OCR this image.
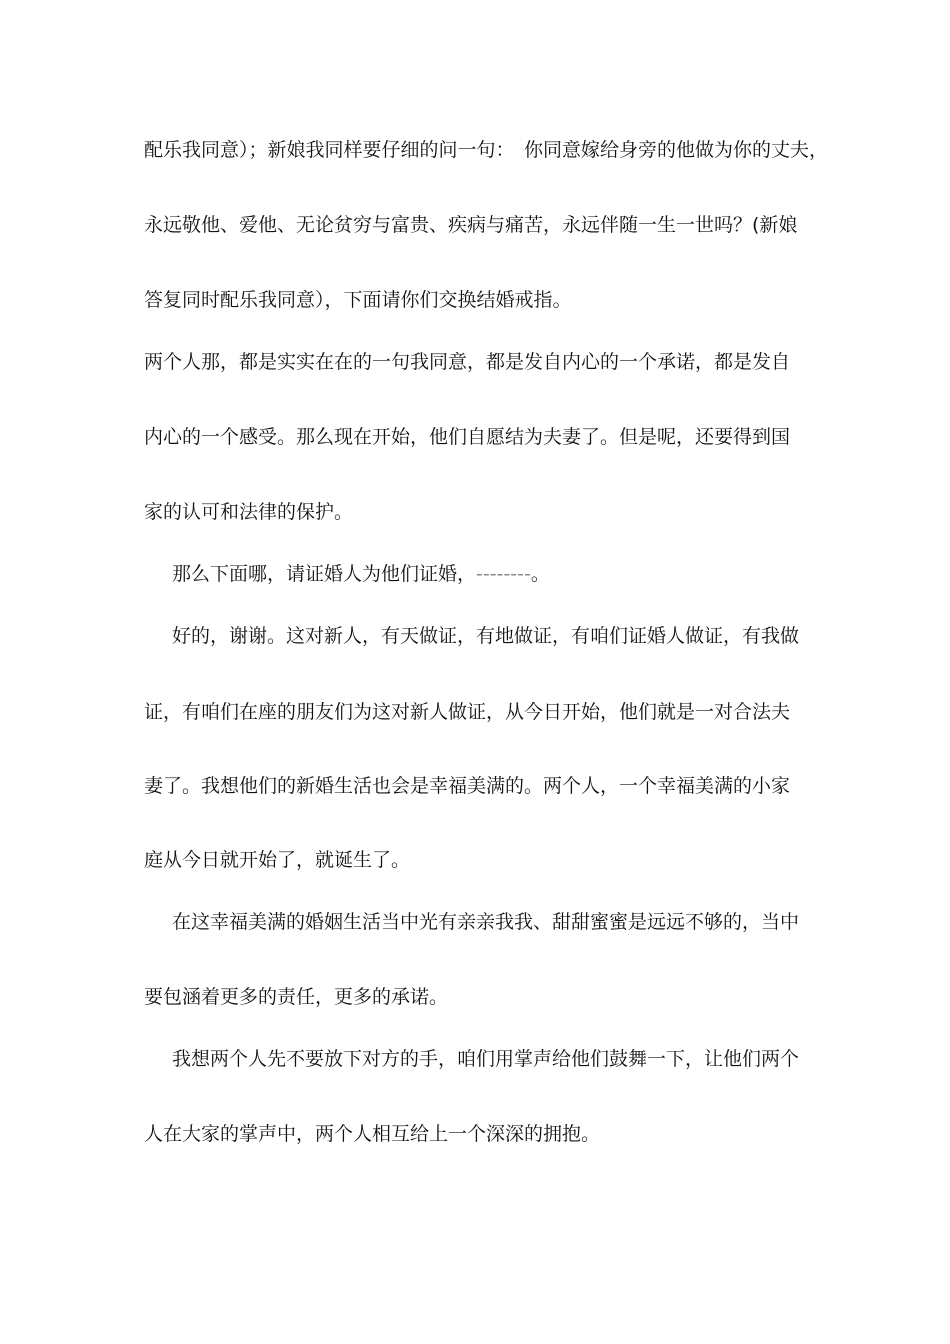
配乐我同意）；新娘我同样要仔细的问一句：　你同意嫁给身旁的他做为你的丈夫，
永远敬他、爱他、无论贫穷与富贵、疾病与痛苦，永远伴随一生一世吗？(新娘
答复同时配乐我同意），下面请你们交换结婚戒指。
两个人那，都是实实在在的一句我同意，都是发自内心的一个承诺，都是发自
内心的一个感受。那么现在开始，他们自愿结为夫妻了。但是呢，还要得到国
家的认可和法律的保护。
那么下面哪，请证婚人为他们证婚，--------。
好的，谢谢。这对新人，有天做证，有地做证，有咱们证婚人做证，有我做
证，有咱们在座的朋友们为这对新人做证，从今日开始，他们就是一对合法夫
妻了。我想他们的新婚生活也会是幸福美满的。两个人，一个幸福美满的小家
庭从今日就开始了，就诞生了。
在这幸福美满的婚姻生活当中光有亲亲我我、甜甜蜜蜜是远远不够的，当中
要包涵着更多的责任，更多的承诺。
我想两个人先不要放下对方的手，咱们用掌声给他们鼓舞一下，让他们两个
人在大家的掌声中，两个人相互给上一个深深的拥抱。
